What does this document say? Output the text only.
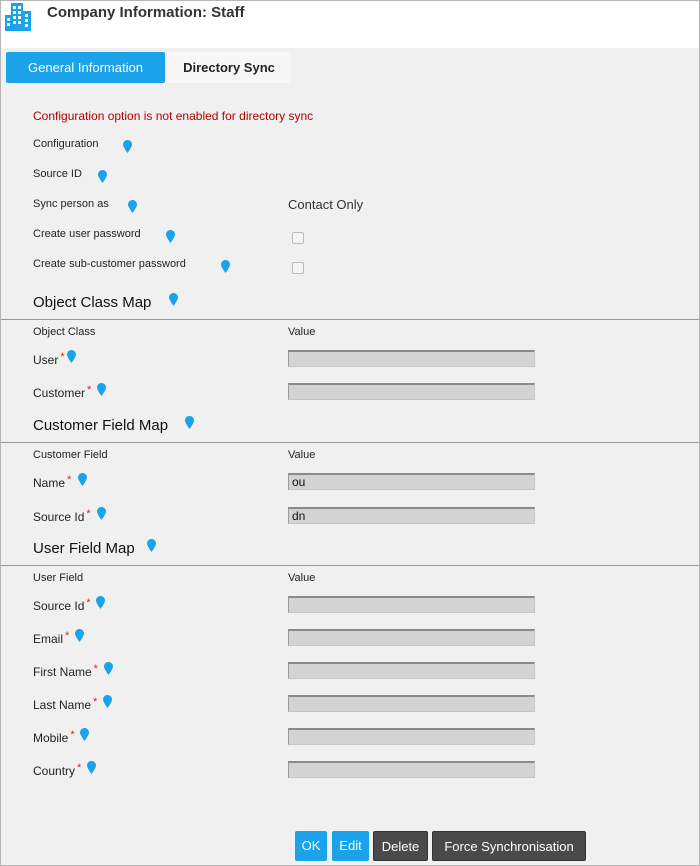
Company Information: Staff
General Information	Directory Sync
Configuration option is not enabled for directory sync
Configuration
Source ID
Sync person as	Contact Only
Create user password
Create sub-customer password
Object Class Map
Object Class	Value
User *
Customer *
Customer Field Map
Customer Field	Value
Name *	ou
Source Id *	dn
User Field Map
User Field	Value
Source Id *
Email *
First Name *
Last Name *
Mobile *
Country *
OK	Edit	Delete	Force Synchronisation
